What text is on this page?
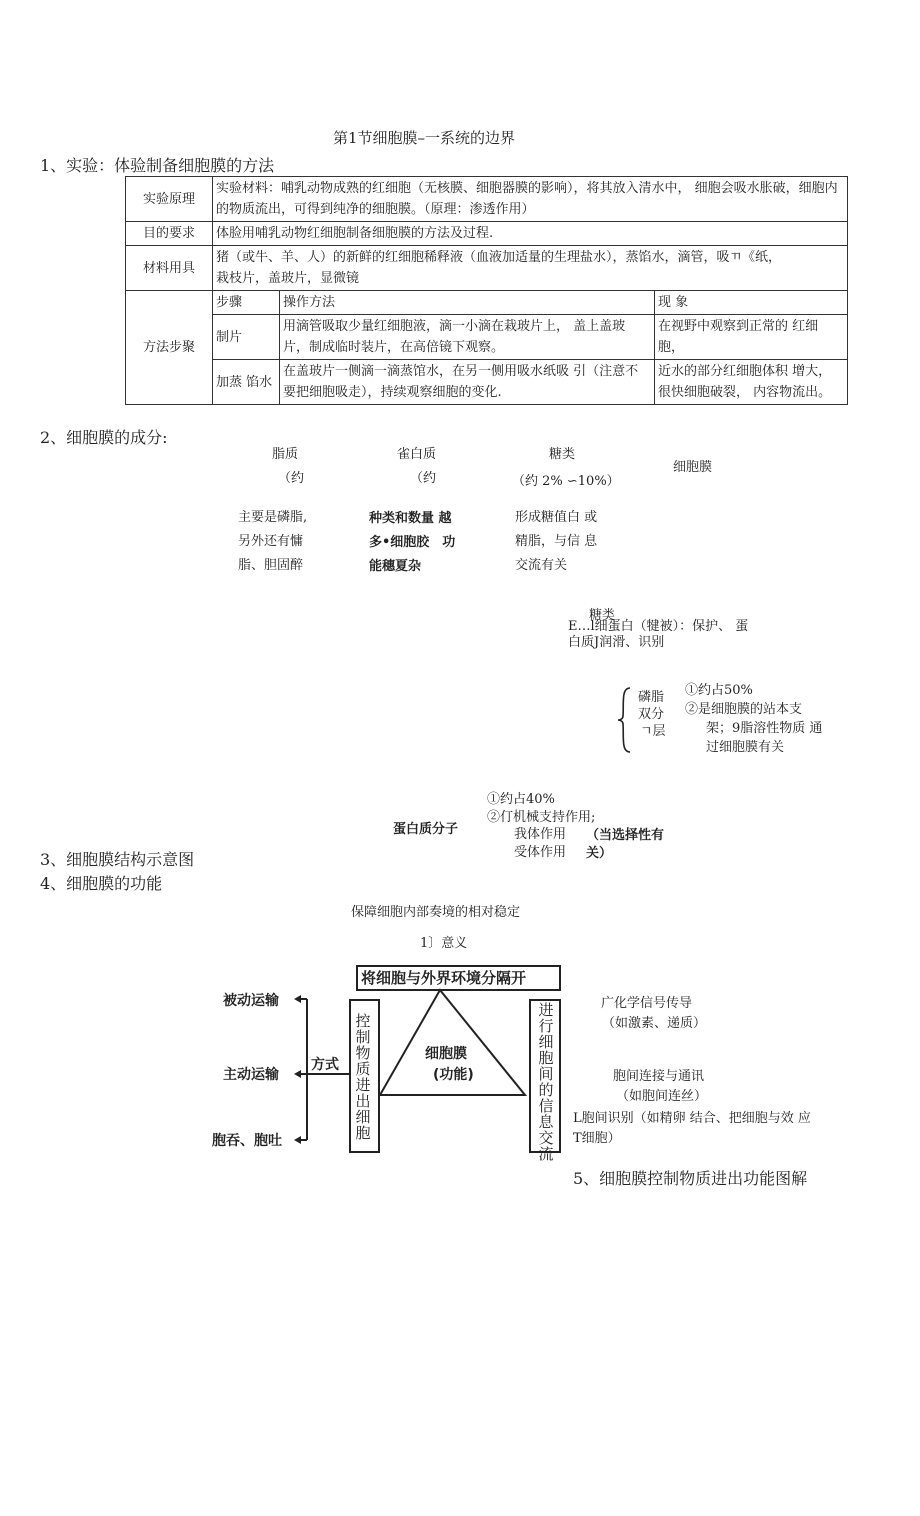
第1节细胞膜–一系统的边界
1、实验：体验制备细胞膜的方法
实验原理	实验材料：哺乳动物成熟的红细胞（无核膜、细胞器膜的影响），将其放入清水中， 细胞会吸水胀破，细胞内的物质流出，可得到纯净的细胞膜。（原理：渗透作用）		
目的要求	体脸用哺乳动物红细胞制备细胞膜的方法及过程.		
材料用具	猪（或牛、羊、人）的新鲜的红细胞稀释液（血液加适量的生理盐水），蒸馅水，滴管，吸ㄲ《纸，栽枝片，盖玻片，显微镜		
方法步聚	步骤	操作方法	现 象
	制片	用滴管吸取少量红细胞液，滴一小滴在栽玻片上， 盖上盖玻片，制成临时装片，在高倍镜下观察。	在视野中观察到正常的 红细胞，
	加蒸 馅水	在盖玻片一侧滴一滴蒸馆水，在另一侧用吸水纸吸 引（注意不要把细胞吸走），持续观察细胞的变化.	近水的部分红细胞体积 增大，很快细胞破裂， 内容物流出。
2、细胞膜的成分:
脂质
（约
雀白质
（约
糖类
（约 2% ∽10%）
细胞膜
主要是磷脂,
另外还有慵
脂、胆固醉
种类和数量 越
多•细胞胶　功
能穗夏杂
形成糖值白 或
精脂，与信 息
交流有关
糖类
E…l细蛋白（犍被）：保护、 蛋
白质J润滑、识别
磷脂
双分
ㄱ层
①约占50%
②是细胞膜的站本支
架；9脂溶性物质 通
过细胞膜有关
蛋白质分子
①约占40%
②仃机械支持作用;
我体作用
受体作用
（当选择性有
关）
3、细胞膜结构示意图
4、细胞膜的功能
保障细胞内部奏境的相对稳定
1〕意义
将细胞与外界环境分隔开
细胞膜
(功能)
控制物质进出细胞
进行细胞间的信息交流
方式
被动运输
主动运输
胞吞、胞吐
广化学信号传导
（如激素、递质）
胞间连接与通讯
（如胞间连丝）
L胞间识别（如精卵 结合、把细胞与效 应
T细胞）
5、细胞膜控制物质进出功能图解
